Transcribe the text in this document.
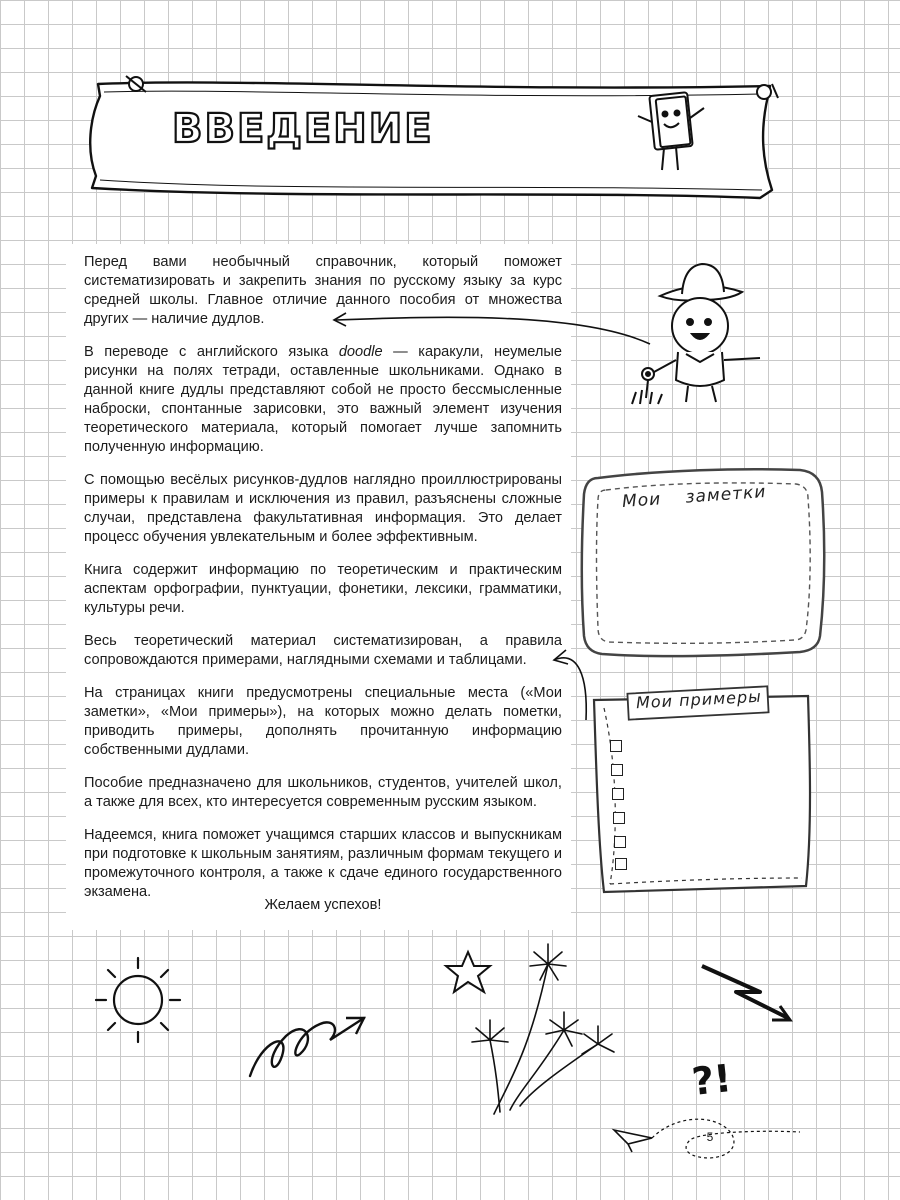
ВВЕДЕНИЕ

Перед вами необычный справочник, который поможет систематизировать и закрепить знания по русскому языку за курс средней школы. Главное отличие данного пособия от множества других — наличие дудлов.

В переводе с английского языка doodle — каракули, неумелые рисунки на полях тетради, оставленные школьниками. Однако в данной книге дудлы представляют собой не просто бессмысленные наброски, спонтанные зарисовки, это важный элемент изучения теоретического материала, который помогает лучше запомнить полученную информацию.

С помощью весёлых рисунков-дудлов наглядно проиллюстрированы примеры к правилам и исключения из правил, разъяснены сложные случаи, представлена факультативная информация. Это делает процесс обучения увлекательным и более эффективным.

Книга содержит информацию по теоретическим и практическим аспектам орфографии, пунктуации, фонетики, лексики, грамматики, культуры речи.

Весь теоретический материал систематизирован, а правила сопровождаются примерами, наглядными схемами и таблицами.

На страницах книги предусмотрены специальные места («Мои заметки», «Мои примеры»), на которых можно делать пометки, приводить примеры, дополнять прочитанную информацию собственными дудлами.

Пособие предназначено для школьников, студентов, учителей школ, а также для всех, кто интересуется современным русским языком.

Надеемся, книга поможет учащимся старших классов и выпускникам при подготовке к школьным занятиям, различным формам текущего и промежуточного контроля, а также к сдаче единого государственного экзамена.

Желаем успехов!
Мои заметки
Мои примеры
?!
5
